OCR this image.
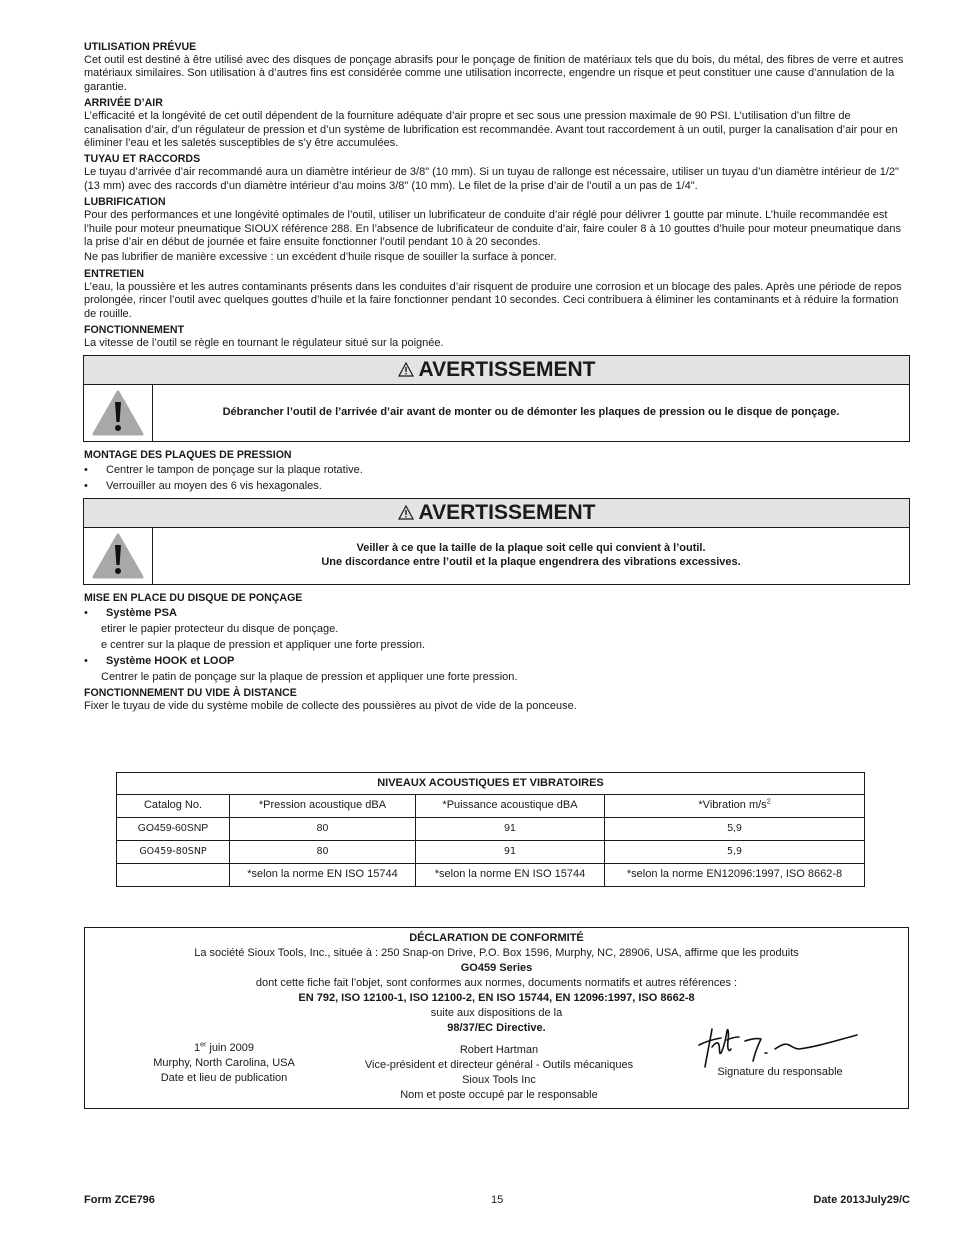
UTILISATION PRÉVUE

Cet outil est destiné à être utilisé avec des disques de ponçage abrasifs pour le ponçage de finition de matériaux tels que du bois, du métal, des fibres de verre et autres matériaux similaires. Son utilisation à d’autres fins est considérée comme une utilisation incorrecte, engendre un risque et peut constituer une cause d’annulation de la garantie.

ARRIVÉE D’AIR

L’efficacité et la longévité de cet outil dépendent de la fourniture adéquate d’air propre et sec sous une pression maximale de 90 PSI. L’utilisation d’un filtre de canalisation d’air, d’un régulateur de pression et d’un système de lubrification est recommandée. Avant tout raccordement à un outil, purger la canalisation d’air pour en éliminer l’eau et les saletés susceptibles de s’y être accumulées.

TUYAU ET RACCORDS

Le tuyau d’arrivée d’air recommandé aura un diamètre intérieur de 3/8" (10 mm). Si un tuyau de rallonge est nécessaire, utiliser un tuyau d’un diamètre intérieur de 1/2" (13 mm) avec des raccords d’un diamètre intérieur d’au moins 3/8" (10 mm). Le filet de la prise d’air de l’outil a un pas de 1/4".

LUBRIFICATION

Pour des performances et une longévité optimales de l’outil, utiliser un lubrificateur de conduite d’air réglé pour délivrer 1 goutte par minute. L’huile recommandée est l’huile pour moteur pneumatique SIOUX référence 288. En l’absence de lubrificateur de conduite d’air, faire couler 8 à 10 gouttes d’huile pour moteur pneumatique dans la prise d’air en début de journée et faire ensuite fonctionner l’outil pendant 10 à 20 secondes.

Ne pas lubrifier de manière excessive : un excédent d’huile risque de souiller la surface à poncer.

ENTRETIEN

L’eau, la poussière et les autres contaminants présents dans les conduites d’air risquent de produire une corrosion et un blocage des pales. Après une période de repos prolongée, rincer l’outil avec quelques gouttes d’huile et la faire fonctionner pendant 10 secondes. Ceci contribuera à éliminer les contaminants et à réduire la formation de rouille.

FONCTIONNEMENT

La vitesse de l’outil se règle en tournant le régulateur situé sur la poignée.

AVERTISSEMENT
Débrancher l’outil de l’arrivée d’air avant de monter ou de démonter les plaques de pression ou le disque de ponçage.

MONTAGE DES PLAQUES DE PRESSION

•	Centrer le tampon de ponçage sur la plaque rotative.
•	Verrouiller au moyen des 6 vis hexagonales.
AVERTISSEMENT
Veiller à ce que la taille de la plaque soit celle qui convient à l’outil.
Une discordance entre l’outil et la plaque engendrera des vibrations excessives.

MISE EN PLACE DU DISQUE DE PONÇAGE

•	Système PSA

etirer le papier protecteur du disque de ponçage.

e centrer sur la plaque de pression et appliquer une forte pression.

•	Système HOOK et LOOP

Centrer le patin de ponçage sur la plaque de pression et appliquer une forte pression.

FONCTIONNEMENT DU VIDE À DISTANCE

Fixer le tuyau de vide du système mobile de collecte des poussières au pivot de vide de la ponceuse.

NIVEAUX ACOUSTIQUES ET VIBRATOIRES			
Catalog No.	*Pression acoustique dBA	*Puissance acoustique dBA	*Vibration $m/s^2$
GO459-60SNP	80	91	5,9
GO459-80SNP	80	91	5,9
	*selon la norme EN ISO 15744	*selon la norme EN ISO 15744	*selon la norme EN12096:1997, ISO 8662-8
DÉCLARATION DE CONFORMITÉ
La société Sioux Tools, Inc., située à : 250 Snap-on Drive, P.O. Box 1596, Murphy, NC, 28906, USA, affirme que les produits
GO459 Series
dont cette fiche fait l’objet, sont conformes aux normes, documents normatifs et autres références :
EN 792, ISO 12100-1, ISO 12100-2, EN ISO 15744, EN 12096:1997, ISO 8662-8
suite aux dispositions de la
98/37/EC Directive.
1er juin 2009
Murphy, North Carolina, USA
Date et lieu de publication
Robert Hartman
Vice-président et directeur général - Outils mécaniques
Sioux Tools Inc
Nom et poste occupé par le responsable
Signature du responsable
Form ZCE796	15	Date 2013July29/C
